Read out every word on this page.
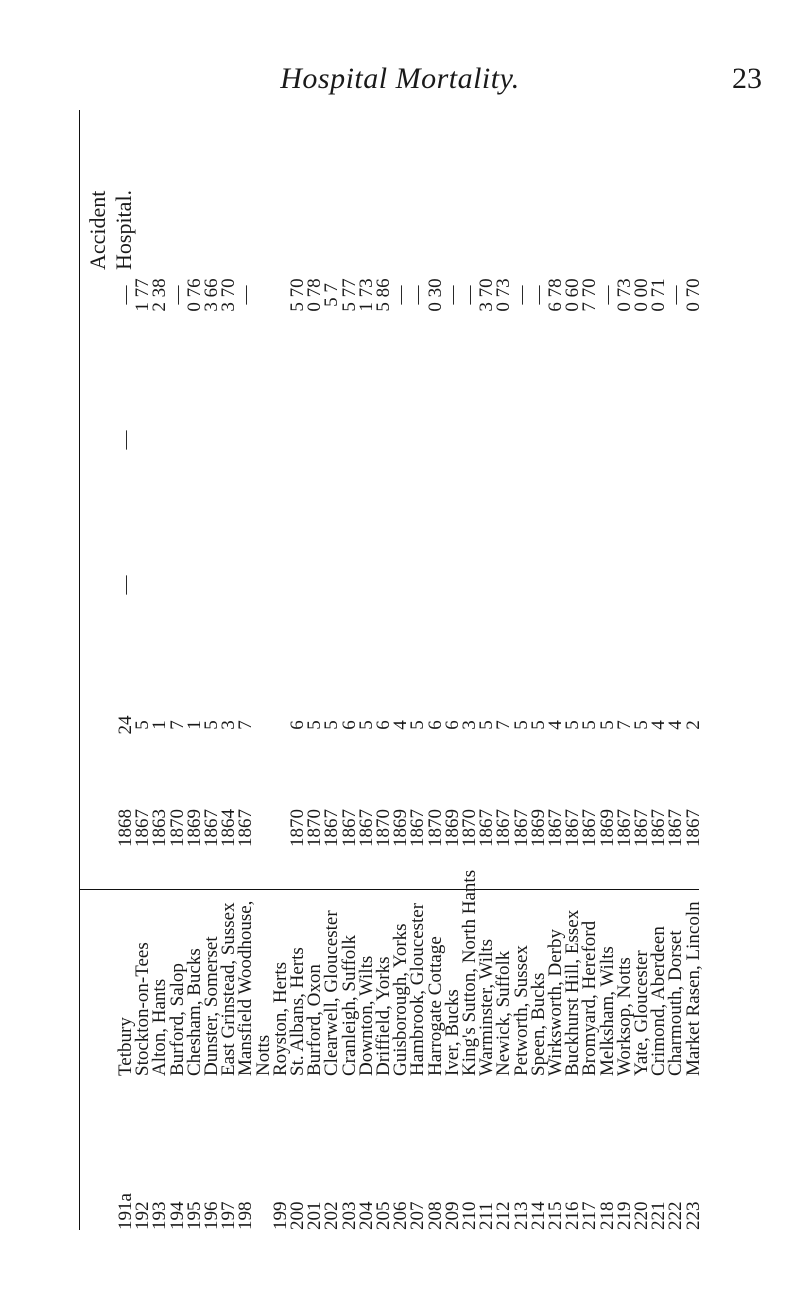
Hospital Mortality.	23
Accident Hospital.
191a
Tetbury
1868
24
—
—
—
192
Stockton-on-Tees
1867
5
1 77
193
Alton, Hants
1863
1
2 38
194
Burford, Salop
1870
7
—
195
Chesham, Bucks
1869
1
0 76
196
Dunster, Somerset
1867
5
3 66
197
East Grinstead, Sussex
1864
3
3 70
198
Mansfield Woodhouse,
1867
7
—
Notts
199
Royston, Herts
200
St. Albans, Herts
1870
6
5 70
201
Burford, Oxon
1870
5
0 78
202
Clearwell, Gloucester
1867
5
5 7
203
Cranleigh, Suffolk
1867
6
5 77
204
Downton, Wilts
1867
5
1 73
205
Driffield, Yorks
1870
6
5 86
206
Guisborough, Yorks
1869
4
—
207
Hambrook, Gloucester
1867
5
—
208
Harrogate Cottage
1870
6
0 30
209
Iver, Bucks
1869
6
—
210
King's Sutton, North Hants
1870
3
—
211
Warminster, Wilts
1867
5
3 70
212
Newick, Suffolk
1867
7
0 73
213
Petworth, Sussex
1867
5
—
214
Speen, Bucks
1869
5
—
215
Wirksworth, Derby
1867
4
6 78
216
Buckhurst Hill, Essex
1867
5
0 60
217
Bromyard, Hereford
1867
5
7 70
218
Melksham, Wilts
1869
5
—
219
Worksop, Notts
1867
7
0 73
220
Yate, Gloucester
1867
5
0 00
221
Crimond, Aberdeen
1867
4
0 71
222
Charmouth, Dorset
1867
4
—
223
Market Rasen, Lincoln
1867
2
0 70
